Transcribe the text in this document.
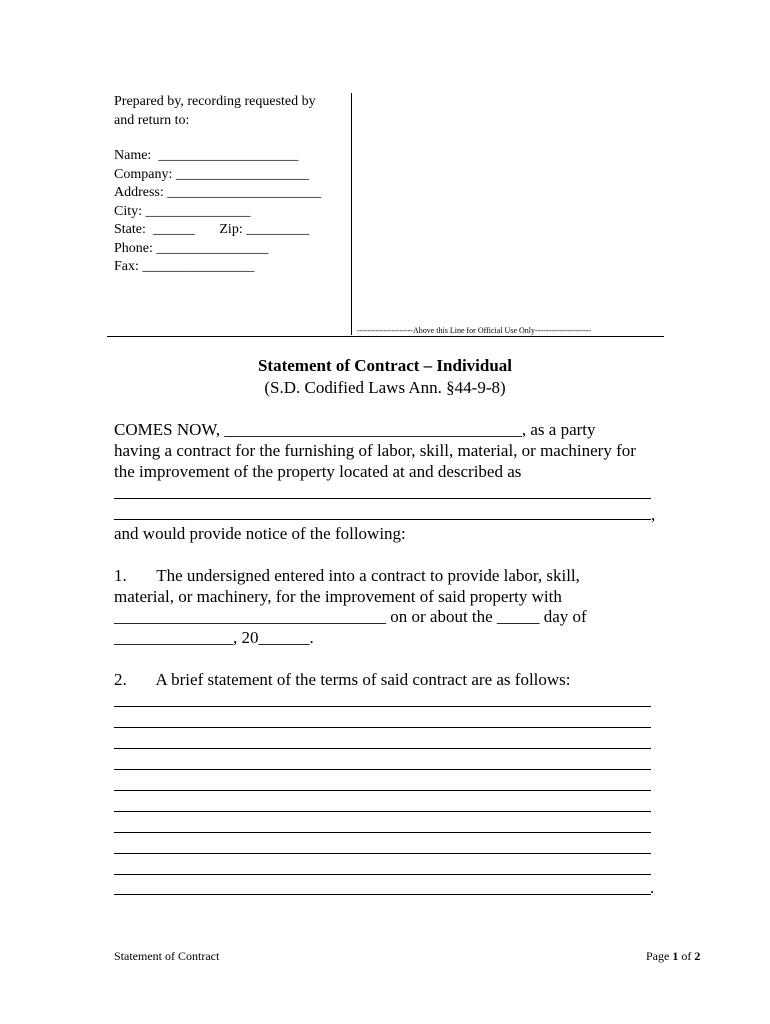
Prepared by, recording requested by
and return to:
Name:  ____________________
Company: ___________________
Address: ______________________
City: _______________
State:  ______       Zip: _________
Phone: ________________
Fax: ________________
---------------------Above this Line for Official Use Only---------------------
Statement of Contract – Individual
(S.D. Codified Laws Ann. §44-9-8)
COMES NOW, ___________________________________, as a party
having a contract for the furnishing of labor, skill, material, or machinery for
the improvement of the property located at and described as
,
and would provide notice of the following:
1.       The undersigned entered into a contract to provide labor, skill,
material, or machinery, for the improvement of said property with
________________________________ on or about the _____ day of
______________, 20______.
2.       A brief statement of the terms of said contract are as follows:
.
Statement of Contract	Page 1 of 2
